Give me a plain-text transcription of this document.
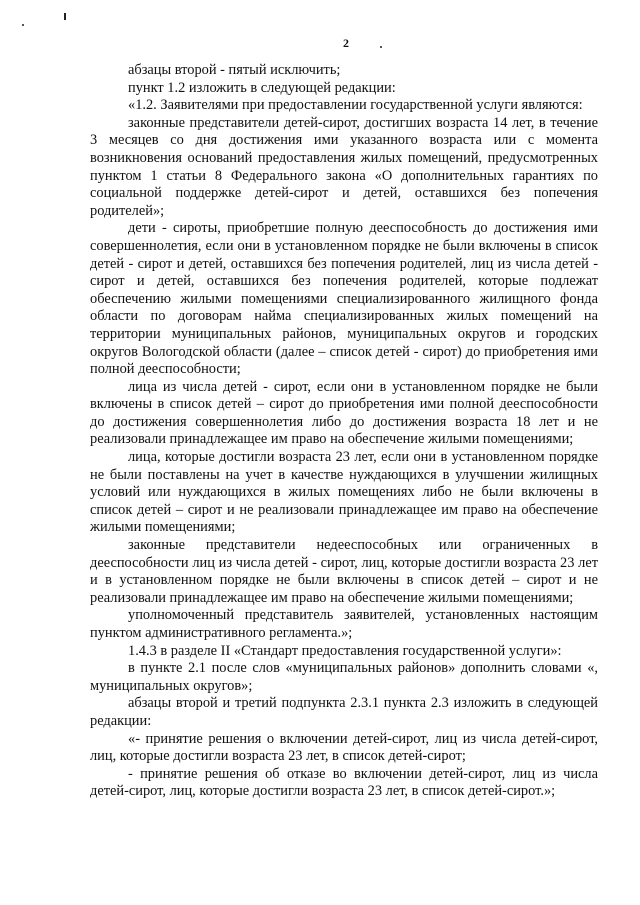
2

абзацы второй - пятый исключить;

пункт 1.2 изложить в следующей редакции:

«1.2. Заявителями при предоставлении государственной услуги являются:

законные представители детей-сирот, достигших возраста 14 лет, в течение 3 месяцев со дня достижения ими указанного возраста или с момента возникновения оснований предоставления жилых помещений, предусмотренных пунктом 1 статьи 8 Федерального закона «О дополнительных гарантиях по социальной поддержке детей-сирот и детей, оставшихся без попечения родителей»;

дети - сироты, приобретшие полную дееспособность до достижения ими совершеннолетия, если они в установленном порядке не были включены в список детей - сирот и детей, оставшихся без попечения родителей, лиц из числа детей - сирот и детей, оставшихся без попечения родителей, которые подлежат обеспечению жилыми помещениями специализированного жилищного фонда области по договорам найма специализированных жилых помещений на территории муниципальных районов, муниципальных округов и городских округов Вологодской области (далее – список детей - сирот) до приобретения ими полной дееспособности;

лица из числа детей - сирот, если они в установленном порядке не были включены в список детей – сирот до приобретения ими полной дееспособности до достижения совершеннолетия либо до достижения возраста 18 лет и не реализовали принадлежащее им право на обеспечение жилыми помещениями;

лица, которые достигли возраста 23 лет, если они в установленном порядке не были поставлены на учет в качестве нуждающихся в улучшении жилищных условий или нуждающихся в жилых помещениях либо не были включены в список детей – сирот и не реализовали принадлежащее им право на обеспечение жилыми помещениями;

законные представители недееспособных или ограниченных в дееспособности лиц из числа детей - сирот, лиц, которые достигли возраста 23 лет и в установленном порядке не были включены в список детей – сирот и не реализовали принадлежащее им право на обеспечение жилыми помещениями;

уполномоченный представитель заявителей, установленных настоящим пунктом административного регламента.»;

1.4.3 в разделе II «Стандарт предоставления государственной услуги»:

в пункте 2.1 после слов «муниципальных районов» дополнить словами «, муниципальных округов»;

абзацы второй и третий подпункта 2.3.1 пункта 2.3 изложить в следующей редакции:

«- принятие решения о включении детей-сирот, лиц из числа детей-сирот, лиц, которые достигли возраста 23 лет, в список детей-сирот;

- принятие решения об отказе во включении детей-сирот, лиц из числа детей-сирот, лиц, которые достигли возраста 23 лет, в список детей-сирот.»;
